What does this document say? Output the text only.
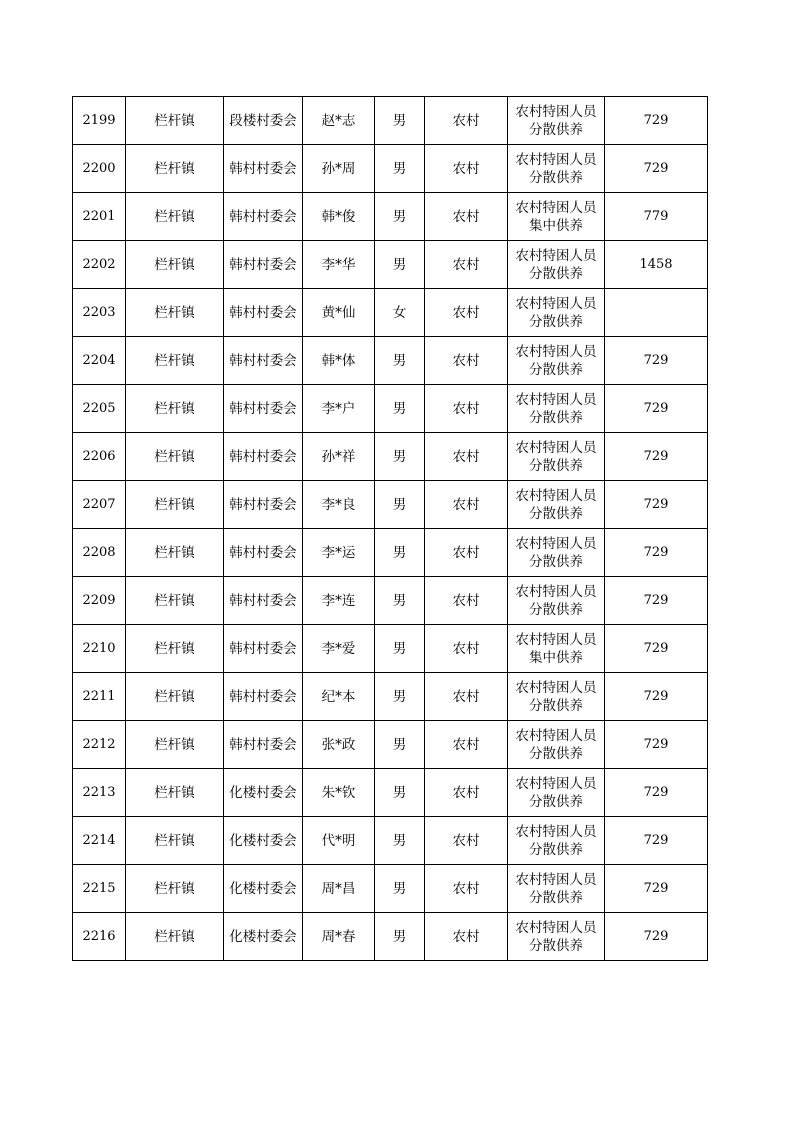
2199	栏杆镇	段楼村委会	赵*志	男	农村	农村特困人员分散供养	729
2200	栏杆镇	韩村村委会	孙*周	男	农村	农村特困人员分散供养	729
2201	栏杆镇	韩村村委会	韩*俊	男	农村	农村特困人员集中供养	779
2202	栏杆镇	韩村村委会	李*华	男	农村	农村特困人员分散供养	1458
2203	栏杆镇	韩村村委会	黄*仙	女	农村	农村特困人员分散供养	
2204	栏杆镇	韩村村委会	韩*体	男	农村	农村特困人员分散供养	729
2205	栏杆镇	韩村村委会	李*户	男	农村	农村特困人员分散供养	729
2206	栏杆镇	韩村村委会	孙*祥	男	农村	农村特困人员分散供养	729
2207	栏杆镇	韩村村委会	李*良	男	农村	农村特困人员分散供养	729
2208	栏杆镇	韩村村委会	李*运	男	农村	农村特困人员分散供养	729
2209	栏杆镇	韩村村委会	李*连	男	农村	农村特困人员分散供养	729
2210	栏杆镇	韩村村委会	李*爱	男	农村	农村特困人员集中供养	729
2211	栏杆镇	韩村村委会	纪*本	男	农村	农村特困人员分散供养	729
2212	栏杆镇	韩村村委会	张*政	男	农村	农村特困人员分散供养	729
2213	栏杆镇	化楼村委会	朱*钦	男	农村	农村特困人员分散供养	729
2214	栏杆镇	化楼村委会	代*明	男	农村	农村特困人员分散供养	729
2215	栏杆镇	化楼村委会	周*昌	男	农村	农村特困人员分散供养	729
2216	栏杆镇	化楼村委会	周*春	男	农村	农村特困人员分散供养	729
